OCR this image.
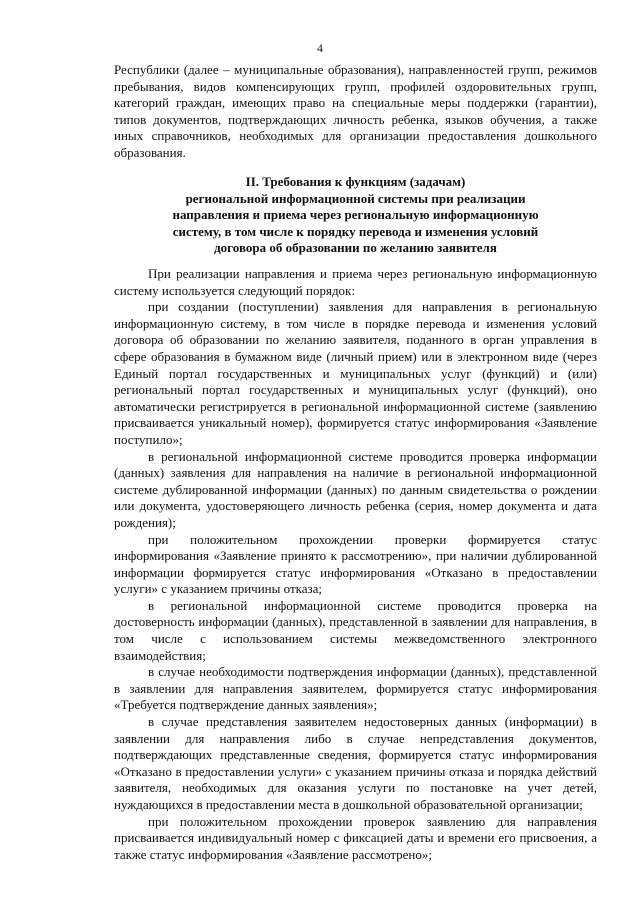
4

Республики (далее – муниципальные образования), направленностей групп, режимов пребывания, видов компенсирующих групп, профилей оздоровительных групп, категорий граждан, имеющих право на специальные меры поддержки (гарантии), типов документов, подтверждающих личность ребенка, языков обучения, а также иных справочников, необходимых для организации предоставления дошкольного образования.

II. Требования к функциям (задачам)
региональной информационной системы при реализации
направления и приема через региональную информационную
систему, в том числе к порядку перевода и изменения условий
договора об образовании по желанию заявителя

При реализации направления и приема через региональную информационную систему используется следующий порядок:

при создании (поступлении) заявления для направления в региональную информационную систему, в том числе в порядке перевода и изменения условий договора об образовании по желанию заявителя, поданного в орган управления в сфере образования в бумажном виде (личный прием) или в электронном виде (через Единый портал государственных и муниципальных услуг (функций) и (или) региональный портал государственных и муниципальных услуг (функций), оно автоматически регистрируется в региональной информационной системе (заявлению присваивается уникальный номер), формируется статус информирования «Заявление поступило»;

в региональной информационной системе проводится проверка информации (данных) заявления для направления на наличие в региональной информационной системе дублированной информации (данных) по данным свидетельства о рождении или документа, удостоверяющего личность ребенка (серия, номер документа и дата рождения);

при положительном прохождении проверки формируется статус информирования «Заявление принято к рассмотрению», при наличии дублированной информации формируется статус информирования «Отказано в предоставлении услуги» с указанием причины отказа;

в региональной информационной системе проводится проверка на достоверность информации (данных), представленной в заявлении для направления, в том числе с использованием системы межведомственного электронного взаимодействия;

в случае необходимости подтверждения информации (данных), представленной в заявлении для направления заявителем, формируется статус информирования «Требуется подтверждение данных заявления»;

в случае представления заявителем недостоверных данных (информации) в заявлении для направления либо в случае непредставления документов, подтверждающих представленные сведения, формируется статус информирования «Отказано в предоставлении услуги» с указанием причины отказа и порядка действий заявителя, необходимых для оказания услуги по постановке на учет детей, нуждающихся в предоставлении места в дошкольной образовательной организации;

при положительном прохождении проверок заявлению для направления присваивается индивидуальный номер с фиксацией даты и времени его присвоения, а также статус информирования «Заявление рассмотрено»;
